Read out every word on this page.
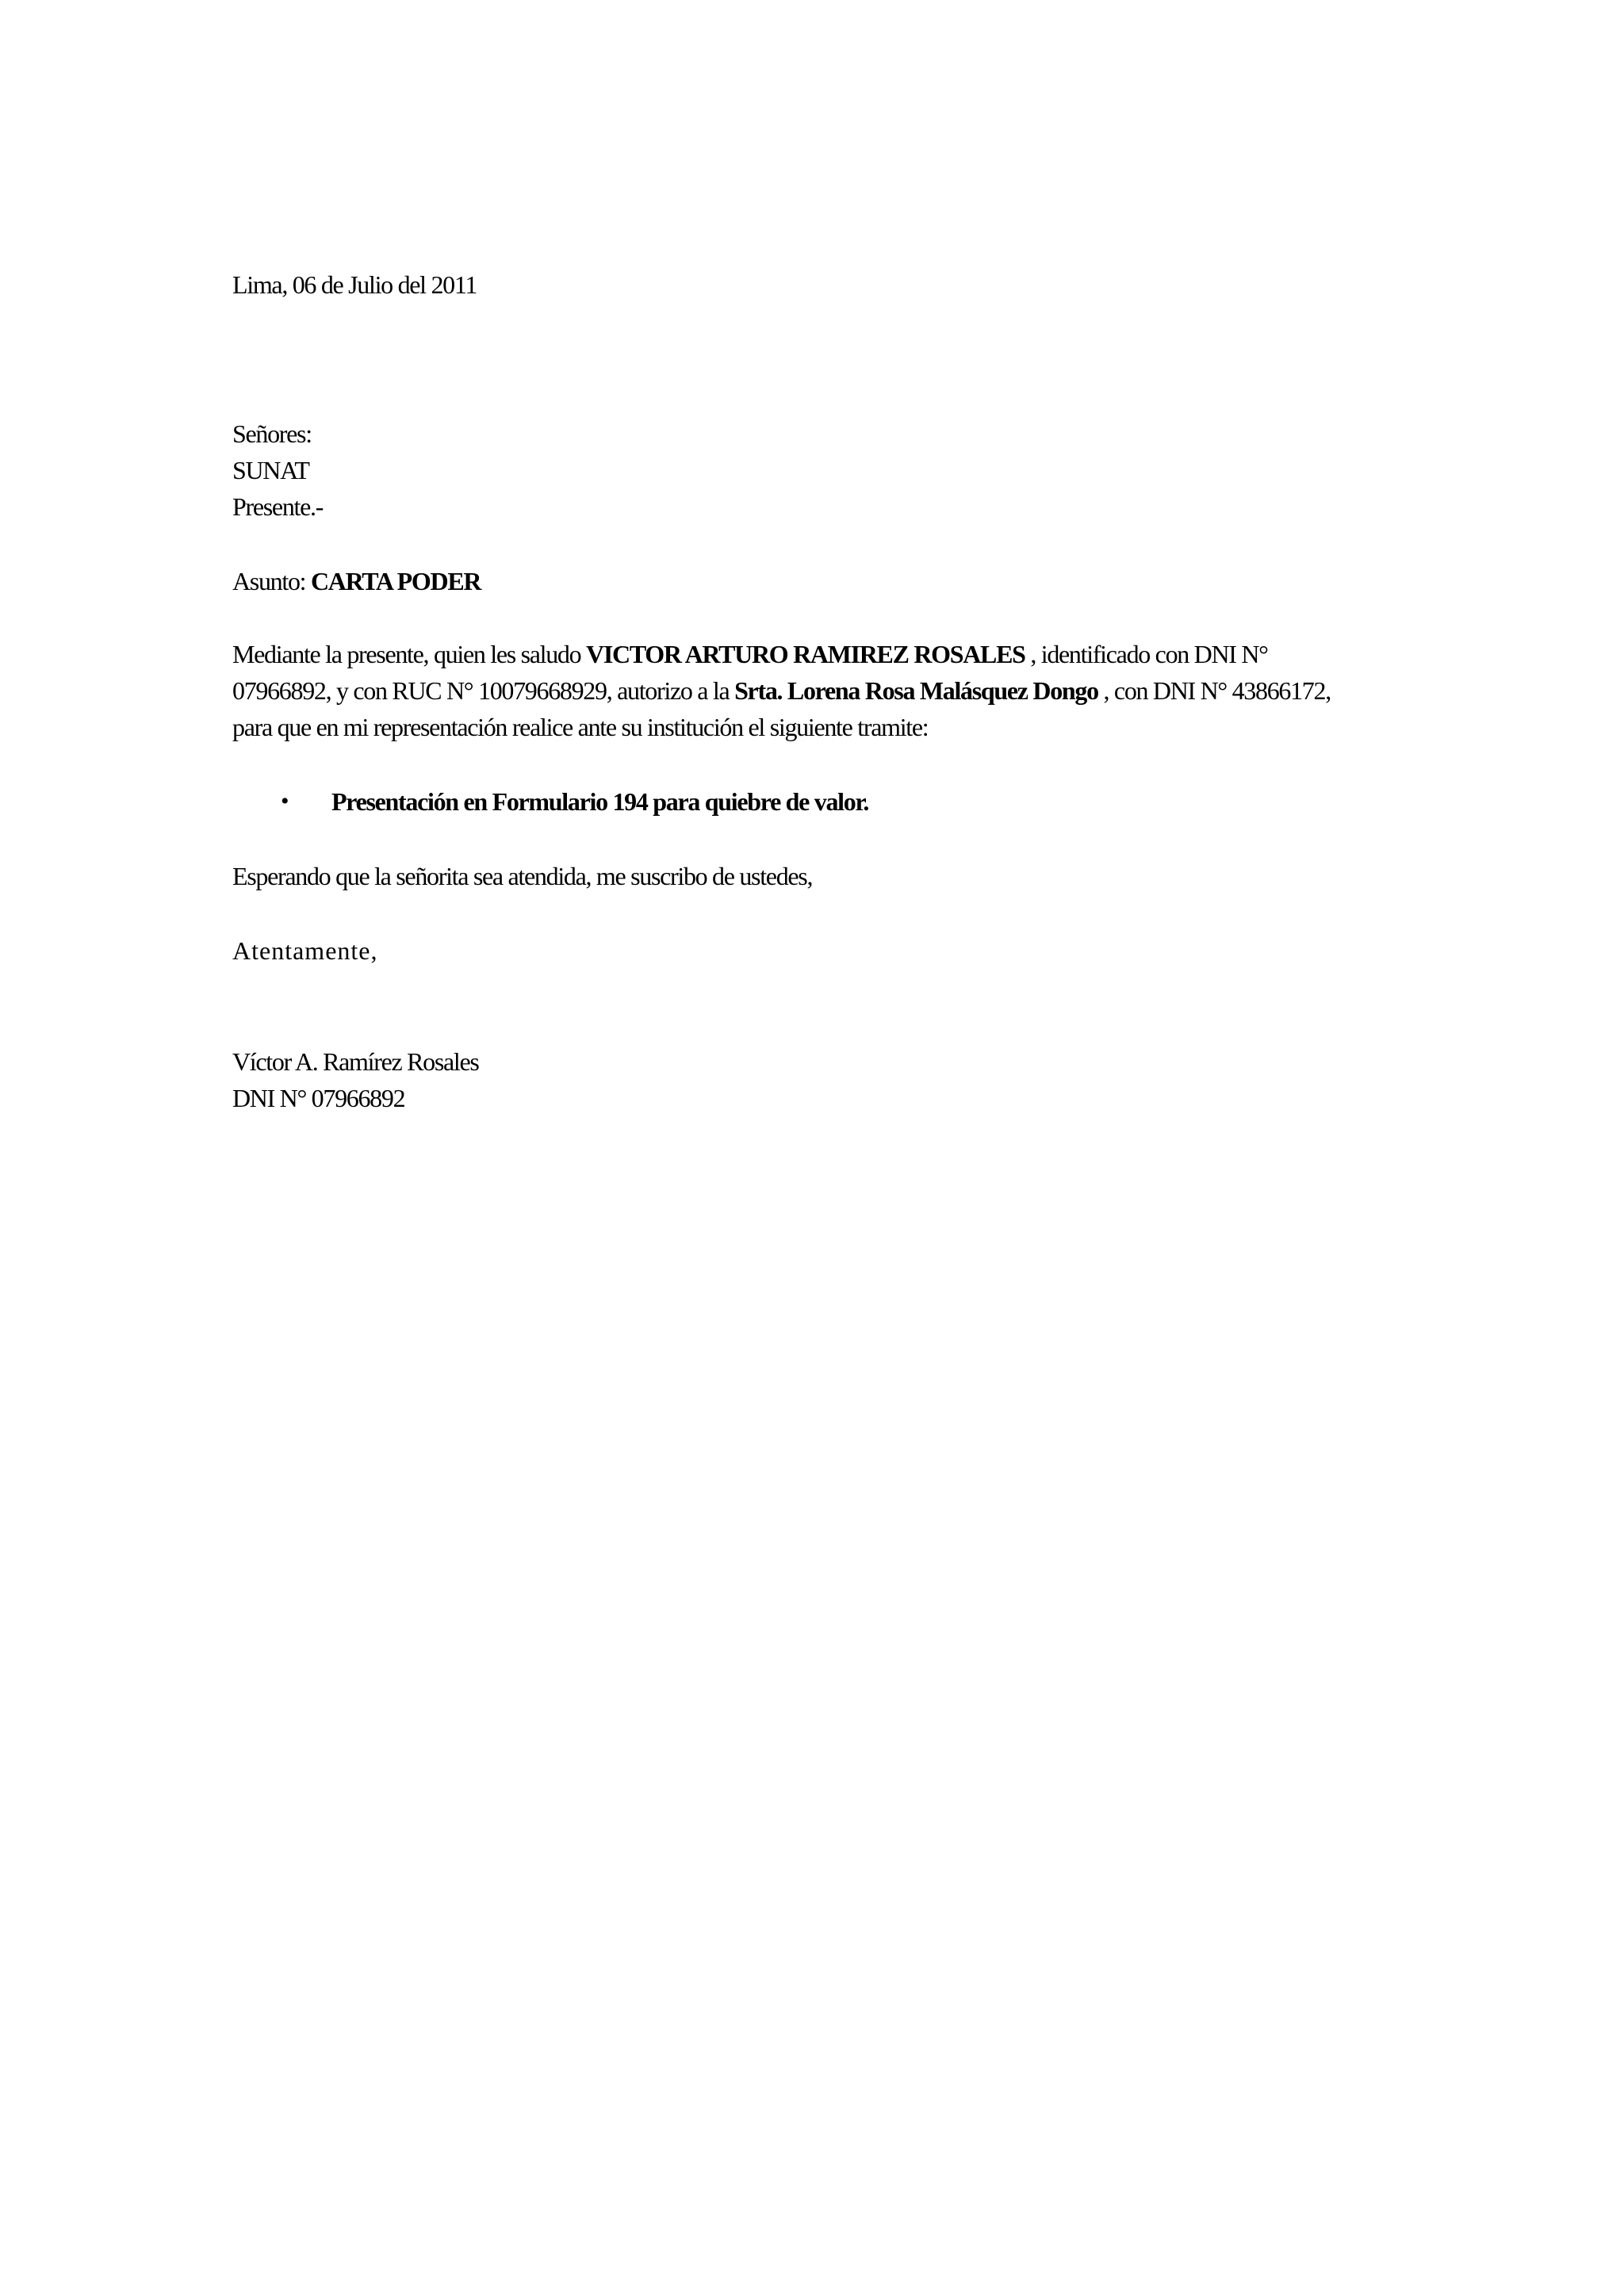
Lima, 06 de Julio del 2011
Señores:
SUNAT
Presente.-
Asunto: CARTA PODER
Mediante la presente, quien les saludo VICTOR ARTURO RAMIREZ ROSALES , identificado con DNI N°
07966892, y con RUC N° 10079668929, autorizo a la Srta. Lorena Rosa Malásquez Dongo , con DNI N° 43866172,
para que en mi representación realice ante su institución el siguiente tramite:
• Presentación en Formulario 194 para quiebre de valor.
Esperando que la señorita sea atendida, me suscribo de ustedes,
Atentamente,
Víctor A. Ramírez Rosales
DNI N° 07966892
